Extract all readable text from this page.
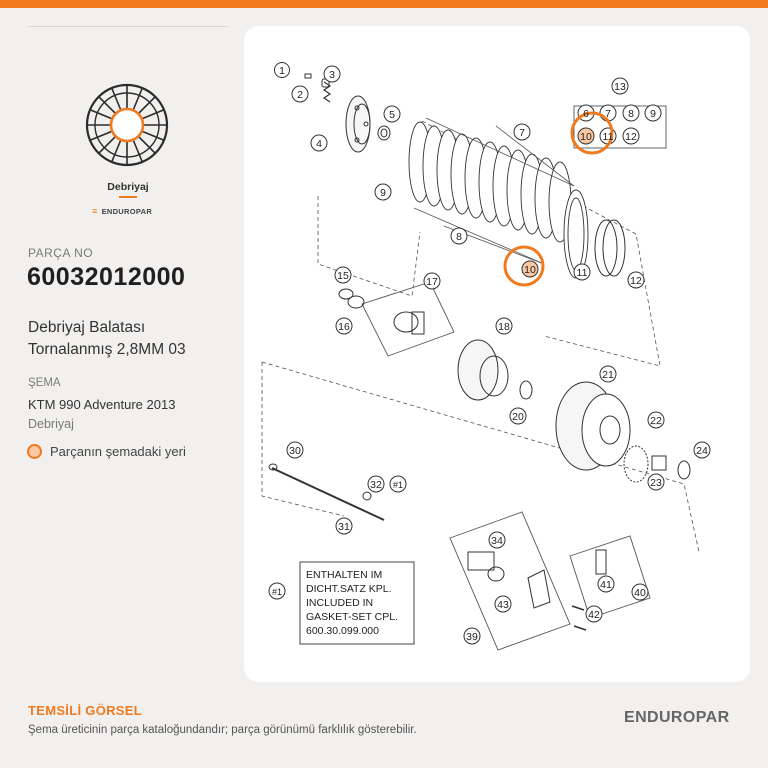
Debriyaj
≡ ENDUROPAR
PARÇA NO
60032012000
Debriyaj Balatası Tornalanmış 2,8MM 03
ŞEMA
KTM 990 Adventure 2013
Debriyaj
Parçanın şemadaki yeri
1
2
3
4
5
7
8
9
10	11
12
13
15
16
17
18
20
21
22
23
24
30
31
32 #1
34
39
40
41
42
43
#1
6 7 8 9
10 11 12
ENTHALTEN IM
DICHT.SATZ KPL.
INCLUDED IN
GASKET-SET CPL.
600.30.099.000
TEMSİLİ GÖRSEL
Şema üreticinin parça kataloğundandır; parça görünümü farklılık gösterebilir.
ENDUROPAR
